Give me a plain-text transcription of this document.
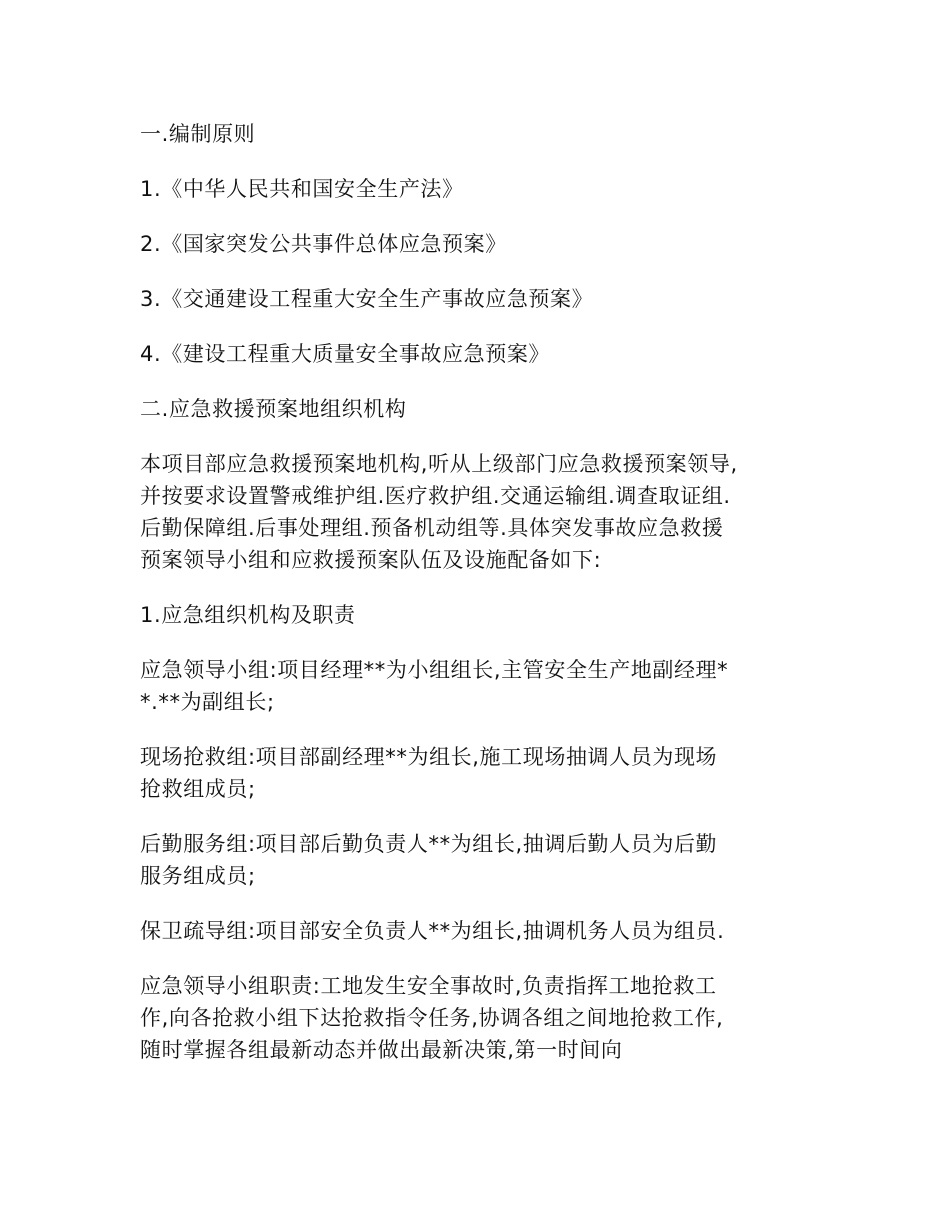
一.编制原则

1.《中华人民共和国安全生产法》

2.《国家突发公共事件总体应急预案》

3.《交通建设工程重大安全生产事故应急预案》

4.《建设工程重大质量安全事故应急预案》

二.应急救援预案地组织机构

本项目部应急救援预案地机构,听从上级部门应急救援预案领导,
并按要求设置警戒维护组.医疗救护组.交通运输组.调查取证组.
后勤保障组.后事处理组.预备机动组等.具体突发事故应急救援
预案领导小组和应救援预案队伍及设施配备如下:

1.应急组织机构及职责

应急领导小组:项目经理**为小组组长,主管安全生产地副经理*
*.**为副组长;

现场抢救组:项目部副经理**为组长,施工现场抽调人员为现场
抢救组成员;

后勤服务组:项目部后勤负责人**为组长,抽调后勤人员为后勤
服务组成员;

保卫疏导组:项目部安全负责人**为组长,抽调机务人员为组员.

应急领导小组职责:工地发生安全事故时,负责指挥工地抢救工
作,向各抢救小组下达抢救指令任务,协调各组之间地抢救工作,
随时掌握各组最新动态并做出最新决策,第一时间向
